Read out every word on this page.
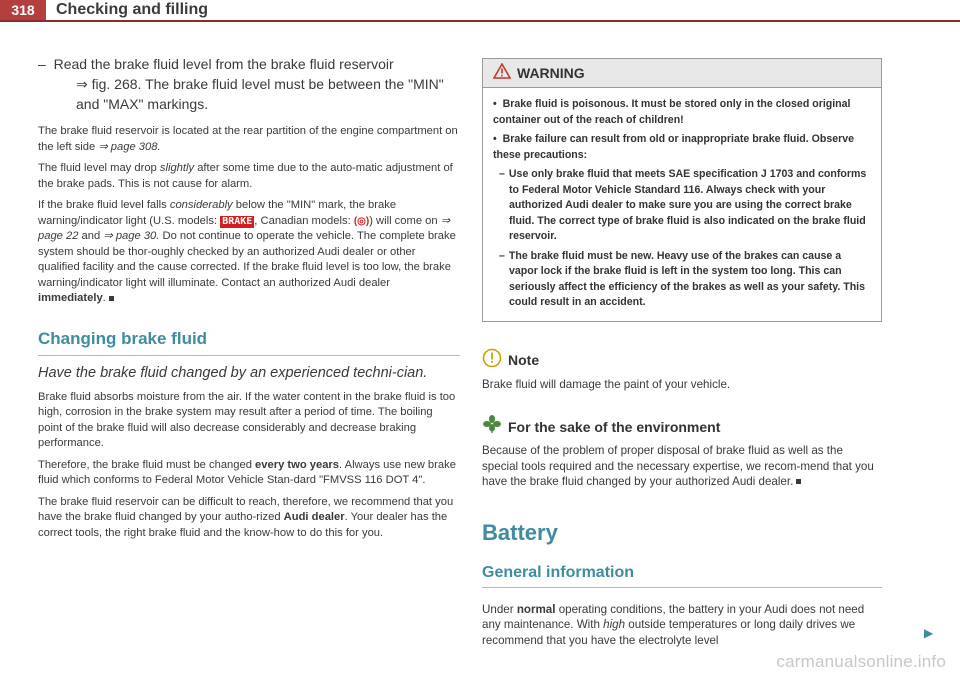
318	Checking and filling
– Read the brake fluid level from the brake fluid reservoir
⇒ fig. 268. The brake fluid level must be between the "MIN" and "MAX" markings.

The brake fluid reservoir is located at the rear partition of the engine compartment on the left side ⇒ page 308.

The fluid level may drop slightly after some time due to the auto-matic adjustment of the brake pads. This is not cause for alarm.

If the brake fluid level falls considerably below the "MIN" mark, the brake warning/indicator light (U.S. models: BRAKE , Canadian models: (◎)) will come on ⇒ page 22 and ⇒ page 30. Do not continue to operate the vehicle. The complete brake system should be thor-oughly checked by an authorized Audi dealer or other qualified facility and the cause corrected. If the brake fluid level is too low, the brake warning/indicator light will illuminate. Contact an authorized Audi dealer immediately.

Changing brake fluid
Have the brake fluid changed by an experienced techni-cian.

Brake fluid absorbs moisture from the air. If the water content in the brake fluid is too high, corrosion in the brake system may result after a period of time. The boiling point of the brake fluid will also decrease considerably and decrease braking performance.

Therefore, the brake fluid must be changed every two years. Always use new brake fluid which conforms to Federal Motor Vehicle Stan-dard "FMVSS 116 DOT 4".

The brake fluid reservoir can be difficult to reach, therefore, we recommend that you have the brake fluid changed by your autho-rized Audi dealer. Your dealer has the correct tools, the right brake fluid and the know-how to do this for you.

WARNING

•  Brake fluid is poisonous. It must be stored only in the closed original container out of the reach of children!

•  Brake failure can result from old or inappropriate brake fluid. Observe these precautions:

– Use only brake fluid that meets SAE specification J 1703 and conforms to Federal Motor Vehicle Standard 116. Always check with your authorized Audi dealer to make sure you are using the correct brake fluid. The correct type of brake fluid is also indicated on the brake fluid reservoir.

– The brake fluid must be new. Heavy use of the brakes can cause a vapor lock if the brake fluid is left in the system too long. This can seriously affect the efficiency of the brakes as well as your safety. This could result in an accident.

Note

Brake fluid will damage the paint of your vehicle.

For the sake of the environment

Because of the problem of proper disposal of brake fluid as well as the special tools required and the necessary expertise, we recom-mend that you have the brake fluid changed by your authorized Audi dealer.

Battery
General information

Under normal operating conditions, the battery in your Audi does not need any maintenance. With high outside temperatures or long daily drives we recommend that you have the electrolyte level	▶
carmanualsonline.info
